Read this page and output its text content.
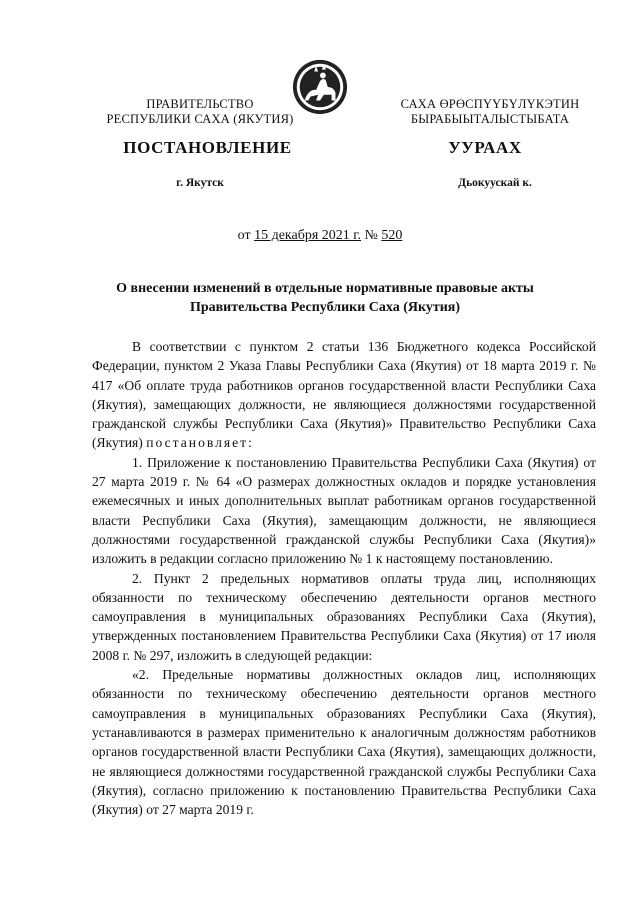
ПРАВИТЕЛЬСТВО
РЕСПУБЛИКИ САХА (ЯКУТИЯ)
САХА ӨРӨСПҮҮБҮЛҮКЭТИН
БЫРАБЫЫТАЛЫСТЫБАТА
ПОСТАНОВЛЕНИЕ	УУРААХ
г. Якутск	Дьокуускай к.
от 15 декабря 2021 г. № 520
О внесении изменений в отдельные нормативные правовые акты
Правительства Республики Саха (Якутия)

В соответствии с пунктом 2 статьи 136 Бюджетного кодекса Российской Федерации, пунктом 2 Указа Главы Республики Саха (Якутия) от 18 марта 2019 г. № 417 «Об оплате труда работников органов государственной власти Республики Саха (Якутия), замещающих должности, не являющиеся должностями государственной гражданской службы Республики Саха (Якутия)» Правительство Республики Саха (Якутия) постановляет:

1. Приложение к постановлению Правительства Республики Саха (Якутия) от 27 марта 2019 г. № 64 «О размерах должностных окладов и порядке установления ежемесячных и иных дополнительных выплат работникам органов государственной власти Республики Саха (Якутия), замещающим должности, не являющиеся должностями государственной гражданской службы Республики Саха (Якутия)» изложить в редакции согласно приложению № 1 к настоящему постановлению.

2. Пункт 2 предельных нормативов оплаты труда лиц, исполняющих обязанности по техническому обеспечению деятельности органов местного самоуправления в муниципальных образованиях Республики Саха (Якутия), утвержденных постановлением Правительства Республики Саха (Якутия) от 17 июля 2008 г. № 297, изложить в следующей редакции:

«2. Предельные нормативы должностных окладов лиц, исполняющих обязанности по техническому обеспечению деятельности органов местного самоуправления в муниципальных образованиях Республики Саха (Якутия), устанавливаются в размерах применительно к аналогичным должностям работников органов государственной власти Республики Саха (Якутия), замещающих должности, не являющиеся должностями государственной гражданской службы Республики Саха (Якутия), согласно приложению к постановлению Правительства Республики Саха (Якутия) от 27 марта 2019 г.
